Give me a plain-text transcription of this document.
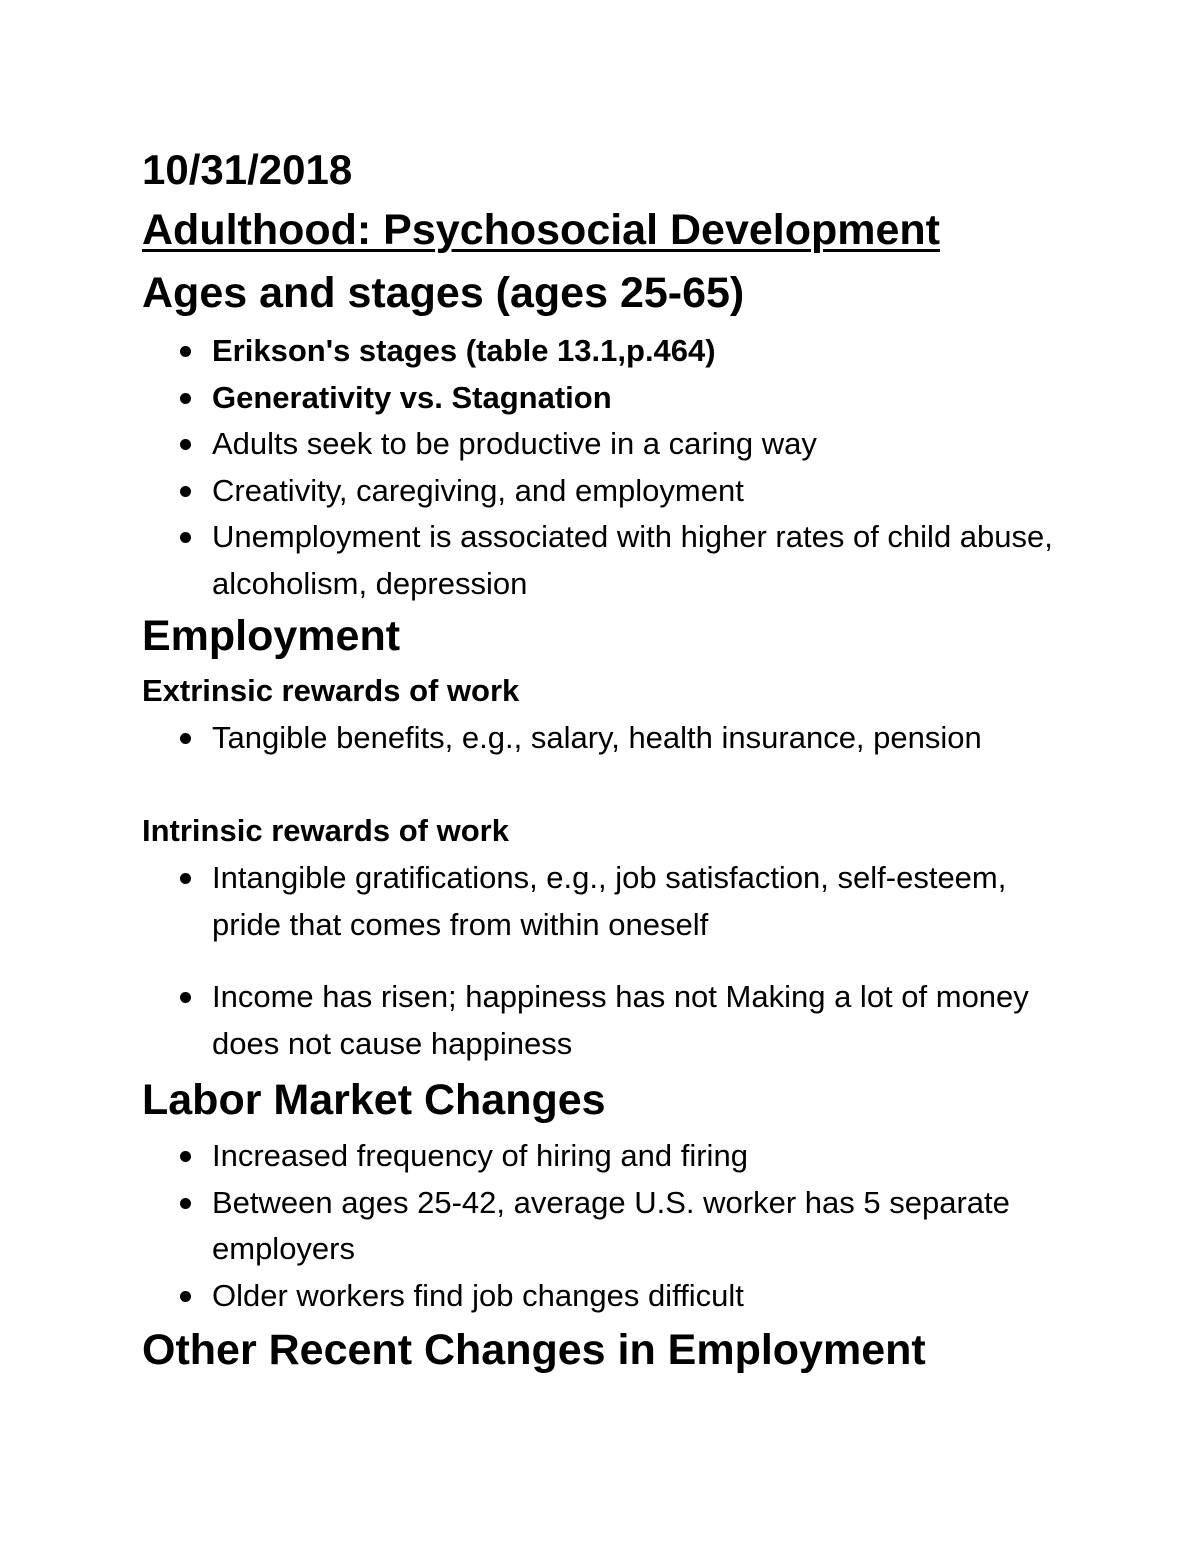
10/31/2018
Adulthood: Psychosocial Development
Ages and stages (ages 25-65)
Erikson's stages (table 13.1,p.464)
Generativity vs. Stagnation
Adults seek to be productive in a caring way
Creativity, caregiving, and employment
Unemployment is associated with higher rates of child abuse, alcoholism, depression
Employment
Extrinsic rewards of work
Tangible benefits, e.g., salary, health insurance, pension
Intrinsic rewards of work
Intangible gratifications, e.g., job satisfaction, self-esteem, pride that comes from within oneself
Income has risen; happiness has not Making a lot of money does not cause happiness
Labor Market Changes
Increased frequency of hiring and firing
Between ages 25-42, average U.S. worker has 5 separate employers
Older workers find job changes difficult
Other Recent Changes in Employment
